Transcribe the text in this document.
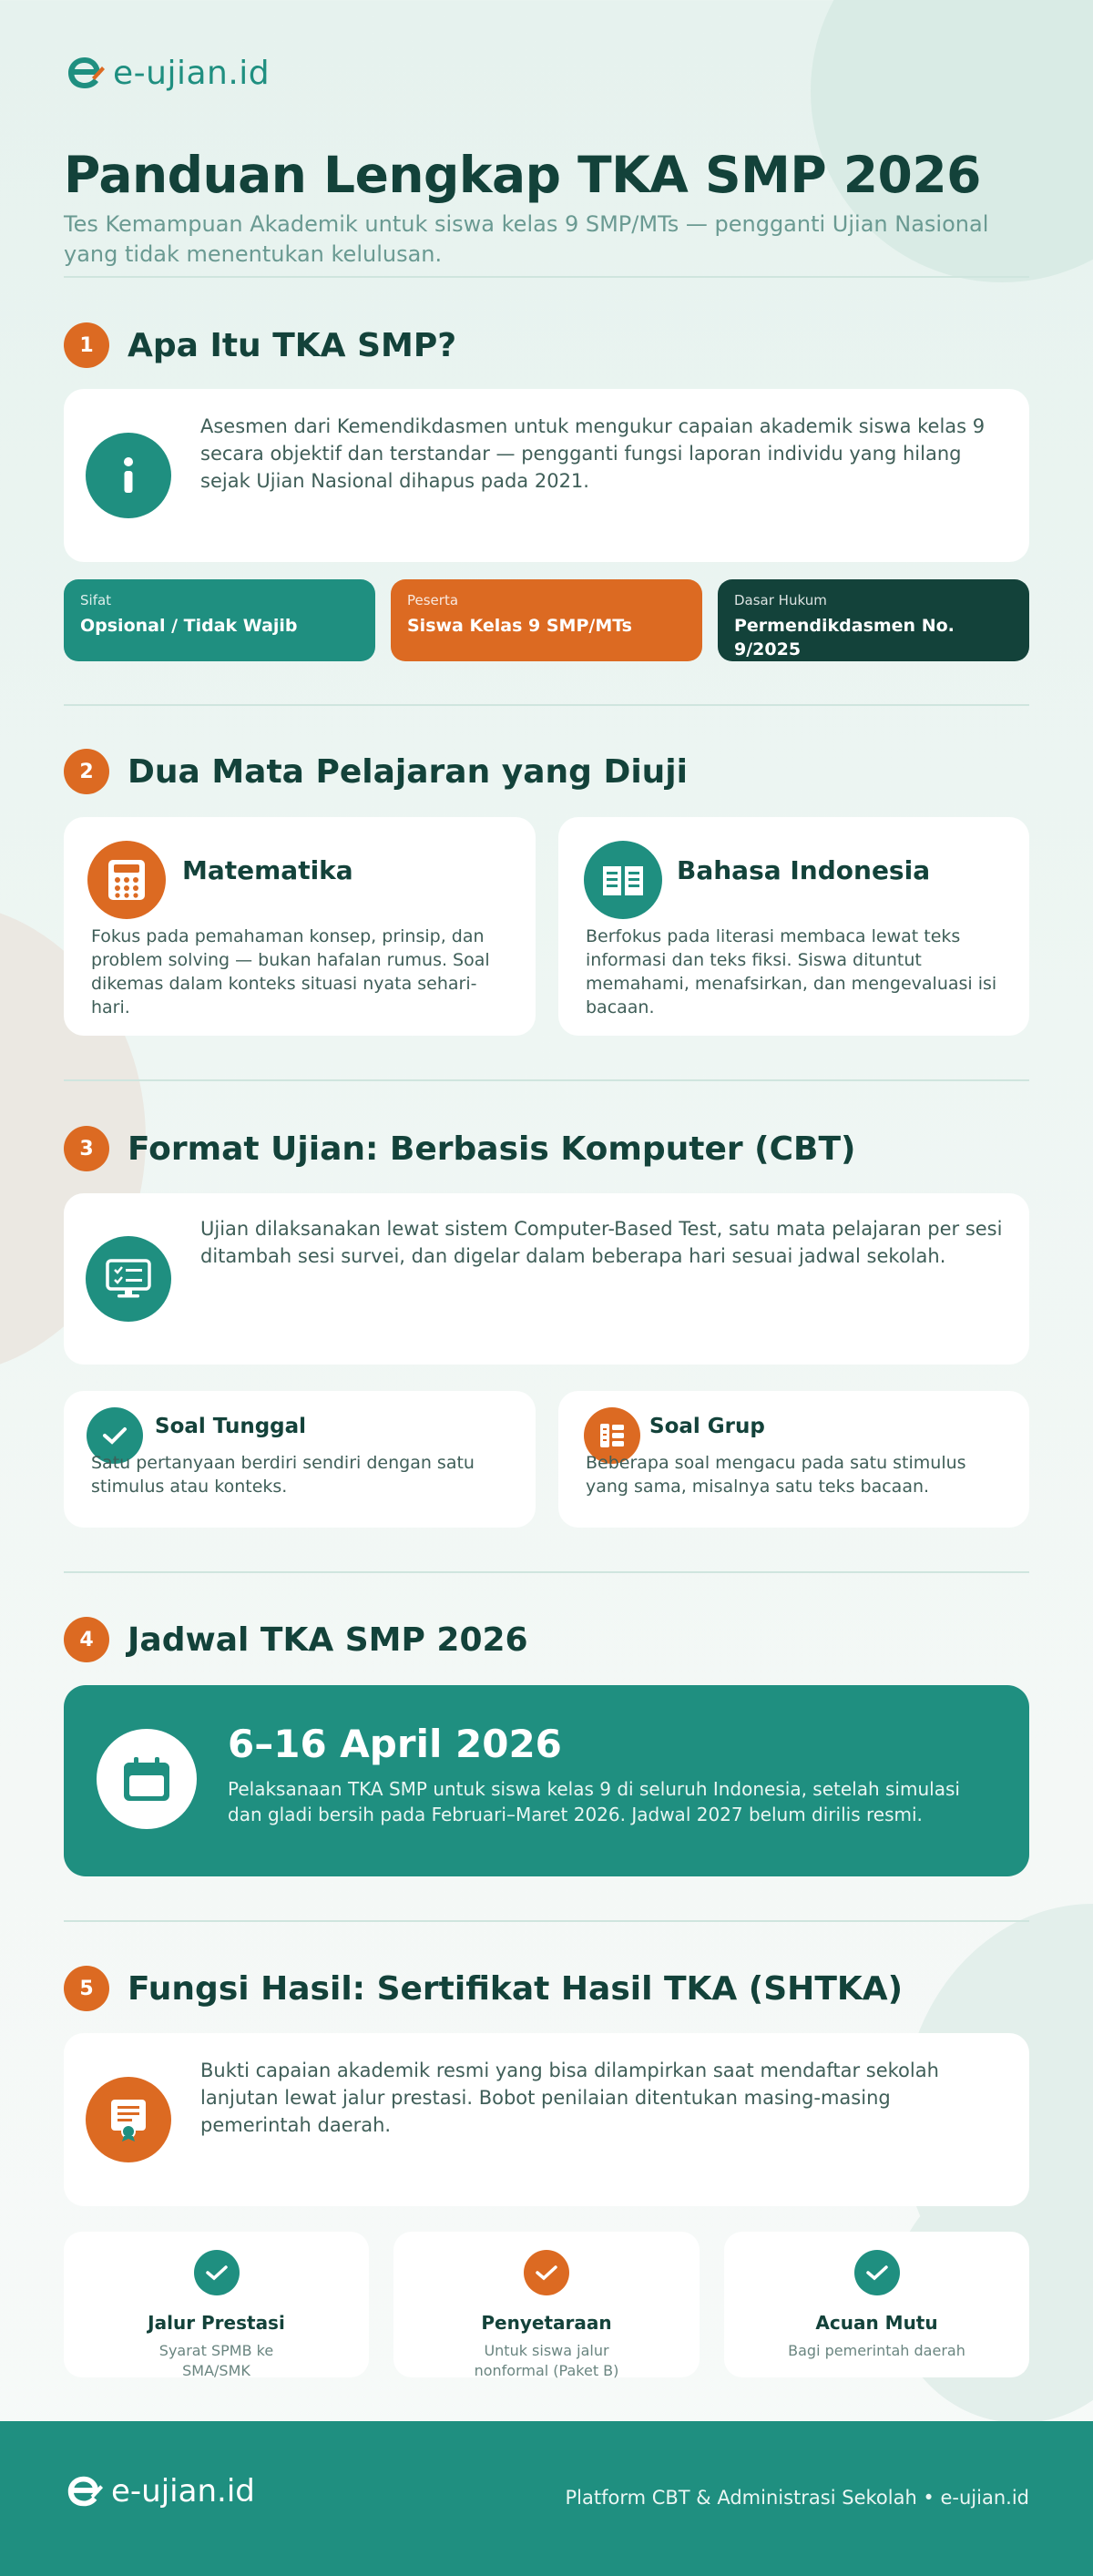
e-ujian.id
Panduan Lengkap TKA SMP 2026

Tes Kemampuan Akademik untuk siswa kelas 9 SMP/MTs — pengganti Ujian Nasional yang tidak menentukan kelulusan.

1	Apa Itu TKA SMP?

Asesmen dari Kemendikdasmen untuk mengukur capaian akademik siswa kelas 9 secara objektif dan terstandar — pengganti fungsi laporan individu yang hilang sejak Ujian Nasional dihapus pada 2021.

Sifat
Opsional / Tidak Wajib
Peserta
Siswa Kelas 9 SMP/MTs
Dasar Hukum
Permendikdasmen No. 9/2025
2	Dua Mata Pelajaran yang Diuji
Matematika

Fokus pada pemahaman konsep, prinsip, dan problem solving — bukan hafalan rumus. Soal dikemas dalam konteks situasi nyata sehari-hari.

Bahasa Indonesia

Berfokus pada literasi membaca lewat teks informasi dan teks fiksi. Siswa dituntut memahami, menafsirkan, dan mengevaluasi isi bacaan.

3	Format Ujian: Berbasis Komputer (CBT)

Ujian dilaksanakan lewat sistem Computer-Based Test, satu mata pelajaran per sesi ditambah sesi survei, dan digelar dalam beberapa hari sesuai jadwal sekolah.

Soal Tunggal

Satu pertanyaan berdiri sendiri dengan satu stimulus atau konteks.

Soal Grup

Beberapa soal mengacu pada satu stimulus yang sama, misalnya satu teks bacaan.

4	Jadwal TKA SMP 2026
6–16 April 2026

Pelaksanaan TKA SMP untuk siswa kelas 9 di seluruh Indonesia, setelah simulasi dan gladi bersih pada Februari–Maret 2026. Jadwal 2027 belum dirilis resmi.

5	Fungsi Hasil: Sertifikat Hasil TKA (SHTKA)

Bukti capaian akademik resmi yang bisa dilampirkan saat mendaftar sekolah lanjutan lewat jalur prestasi. Bobot penilaian ditentukan masing-masing pemerintah daerah.

Jalur Prestasi
Syarat SPMB ke SMA/SMK
Penyetaraan
Untuk siswa jalur nonformal (Paket B)
Acuan Mutu
Bagi pemerintah daerah
e-ujian.id	Platform CBT & Administrasi Sekolah • e-ujian.id
